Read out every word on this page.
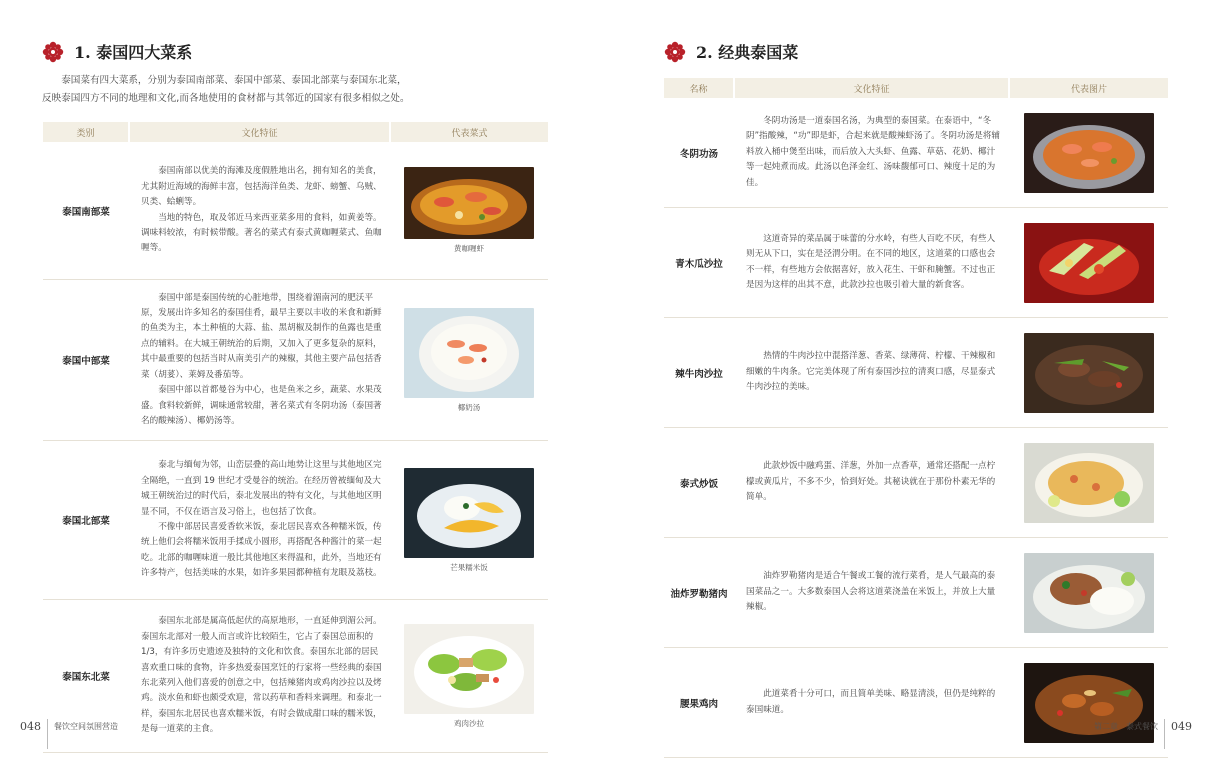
1. 泰国四大菜系

泰国菜有四大菜系，分别为泰国南部菜、泰国中部菜、泰国北部菜与泰国东北菜，

反映泰国四方不同的地理和文化,而各地使用的食材都与其邻近的国家有很多相似之处。

类别	文化特征	代表菜式
泰国南部菜	泰国南部以优美的海滩及度假胜地出名，拥有知名的美食，尤其附近海域的海鲜丰富，包括海洋鱼类、龙虾、螃蟹、乌贼、贝类、蛤蜊等。

当地的特色，取及邻近马来西亚菜多用的食料，如黄姜等。调味料较浓，有时候带酸。著名的菜式有泰式黄咖喱菜式、鱼咖喱等。	黄咖喱虾

泰国中部菜	泰国中部是泰国传统的心脏地带，围绕着湄南河的肥沃平原，发展出许多知名的泰国佳肴，最早主要以丰收的米食和新鲜的鱼类为主，本土种植的大蒜、盐、黑胡椒及制作的鱼露也是重点的辅料。在大城王朝统治的后期，又加入了更多复杂的原料，其中最重要的包括当时从南美引产的辣椒，其他主要产品包括香菜（胡荽）、莱姆及番茄等。

泰国中部以首都曼谷为中心，也是鱼米之乡，蔬菜、水果茂盛。食料较新鲜，调味通常较甜，著名菜式有冬阴功汤（泰国著名的酸辣汤）、椰奶汤等。	椰奶汤

泰国北部菜	泰北与缅甸为邻，山峦层叠的高山地势让这里与其他地区完全隔绝，一直到 19 世纪才受曼谷的统治。在经历曾被缅甸及大城王朝统治过的时代后，泰北发展出的特有文化，与其他地区明显不同，不仅在语言及习俗上，也包括了饮食。

不像中部居民喜爱香软米饭，泰北居民喜欢各种糯米饭，传统上他们会将糯米饭用手揉成小圆形，再搭配各种酱汁的菜一起吃。北部的咖喱味道一般比其他地区来得温和，此外，当地还有许多特产，包括美味的水果，如许多果园都种植有龙眼及荔枝。	芒果糯米饭

泰国东北菜	泰国东北部是属高低起伏的高原地形，一直延伸到湄公河。泰国东北部对一般人而言或许比较陌生，它占了泰国总面积的 1/3，有许多历史遗迹及独特的文化和饮食。泰国东北部的居民喜欢重口味的食物，许多热爱泰国烹饪的行家将一些经典的泰国东北菜列入他们喜爱的创意之中，包括辣猪肉或鸡肉沙拉以及烤鸡。淡水鱼和虾也颇受欢迎，常以药草和香料来调理。和泰北一样，泰国东北居民也喜欢糯米饭，有时会做成甜口味的糯米饭，是每一道菜的主食。	鸡肉沙拉
048 餐饮空间氛围营造
2. 经典泰国菜
名称	文化特征	代表图片
冬阴功汤	冬阴功汤是一道泰国名汤，为典型的泰国菜。在泰语中，“冬阴”指酸辣，“功”即是虾，合起来就是酸辣虾汤了。冬阴功汤是将辅料放入桶中煲至出味，而后放入大头虾、鱼露、草菇、花奶、椰汁等一起炖煮而成。此汤以色泽金红、汤味馥郁可口、辣度十足的为佳。

青木瓜沙拉	这道奇异的菜品属于味蕾的分水岭，有些人百吃不厌，有些人则无从下口，实在是泾渭分明。在不同的地区，这道菜的口感也会不一样，有些地方会依据喜好，放入花生、干虾和腌蟹。不过也正是因为这样的出其不意，此款沙拉也吸引着大量的新食客。

辣牛肉沙拉	热情的牛肉沙拉中混搭洋葱、香菜、绿薄荷、柠檬、干辣椒和细嫩的牛肉条。它完美体现了所有泰国沙拉的清爽口感，尽显泰式牛肉沙拉的美味。

泰式炒饭	此款炒饭中融鸡蛋、洋葱，外加一点香草，通常还搭配一点柠檬或黄瓜片，不多不少，恰到好处。其秘诀就在于那份朴素无华的简单。

油炸罗勒猪肉	油炸罗勒猪肉是适合午餐或工餐的流行菜肴，是人气最高的泰国菜品之一。大多数泰国人会将这道菜浇盖在米饭上，并放上大量辣椒。

腰果鸡肉	此道菜肴十分可口，而且简单美味、略显清淡，但仍是纯粹的泰国味道。

第二章　泰式餐饮 049
